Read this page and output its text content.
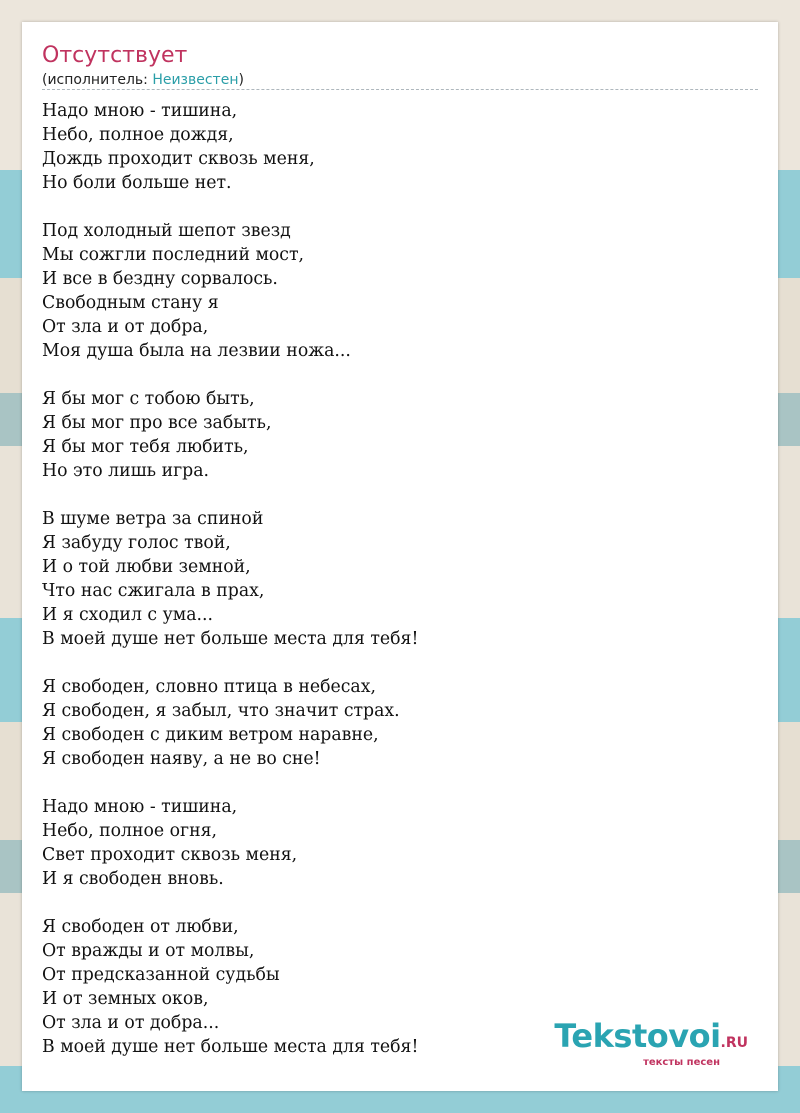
Отсутствует
(исполнитель: Неизвестен)
Надо мною - тишина,
Небо, полное дождя,
Дождь проходит сквозь меня,
Но боли больше нет.

Под холодный шепот звезд
Мы сожгли последний мост,
И все в бездну сорвалось.
Свободным стану я
От зла и от добра,
Моя душа была на лезвии ножа...

Я бы мог с тобою быть,
Я бы мог про все забыть,
Я бы мог тебя любить,
Но это лишь игра.

В шуме ветра за спиной
Я забуду голос твой,
И о той любви земной,
Что нас сжигала в прах,
И я сходил с ума...
В моей душе нет больше места для тебя!

Я свободен, словно птица в небесах,
Я свободен, я забыл, что значит страх.
Я свободен с диким ветром наравне,
Я свободен наяву, а не во сне!

Надо мною - тишина,
Небо, полное огня,
Свет проходит сквозь меня,
И я свободен вновь.

Я свободен от любви,
От вражды и от молвы,
От предсказанной судьбы
И от земных оков,
От зла и от добра...
В моей душе нет больше места для тебя!	Tekstovoi.RU
тексты песен
